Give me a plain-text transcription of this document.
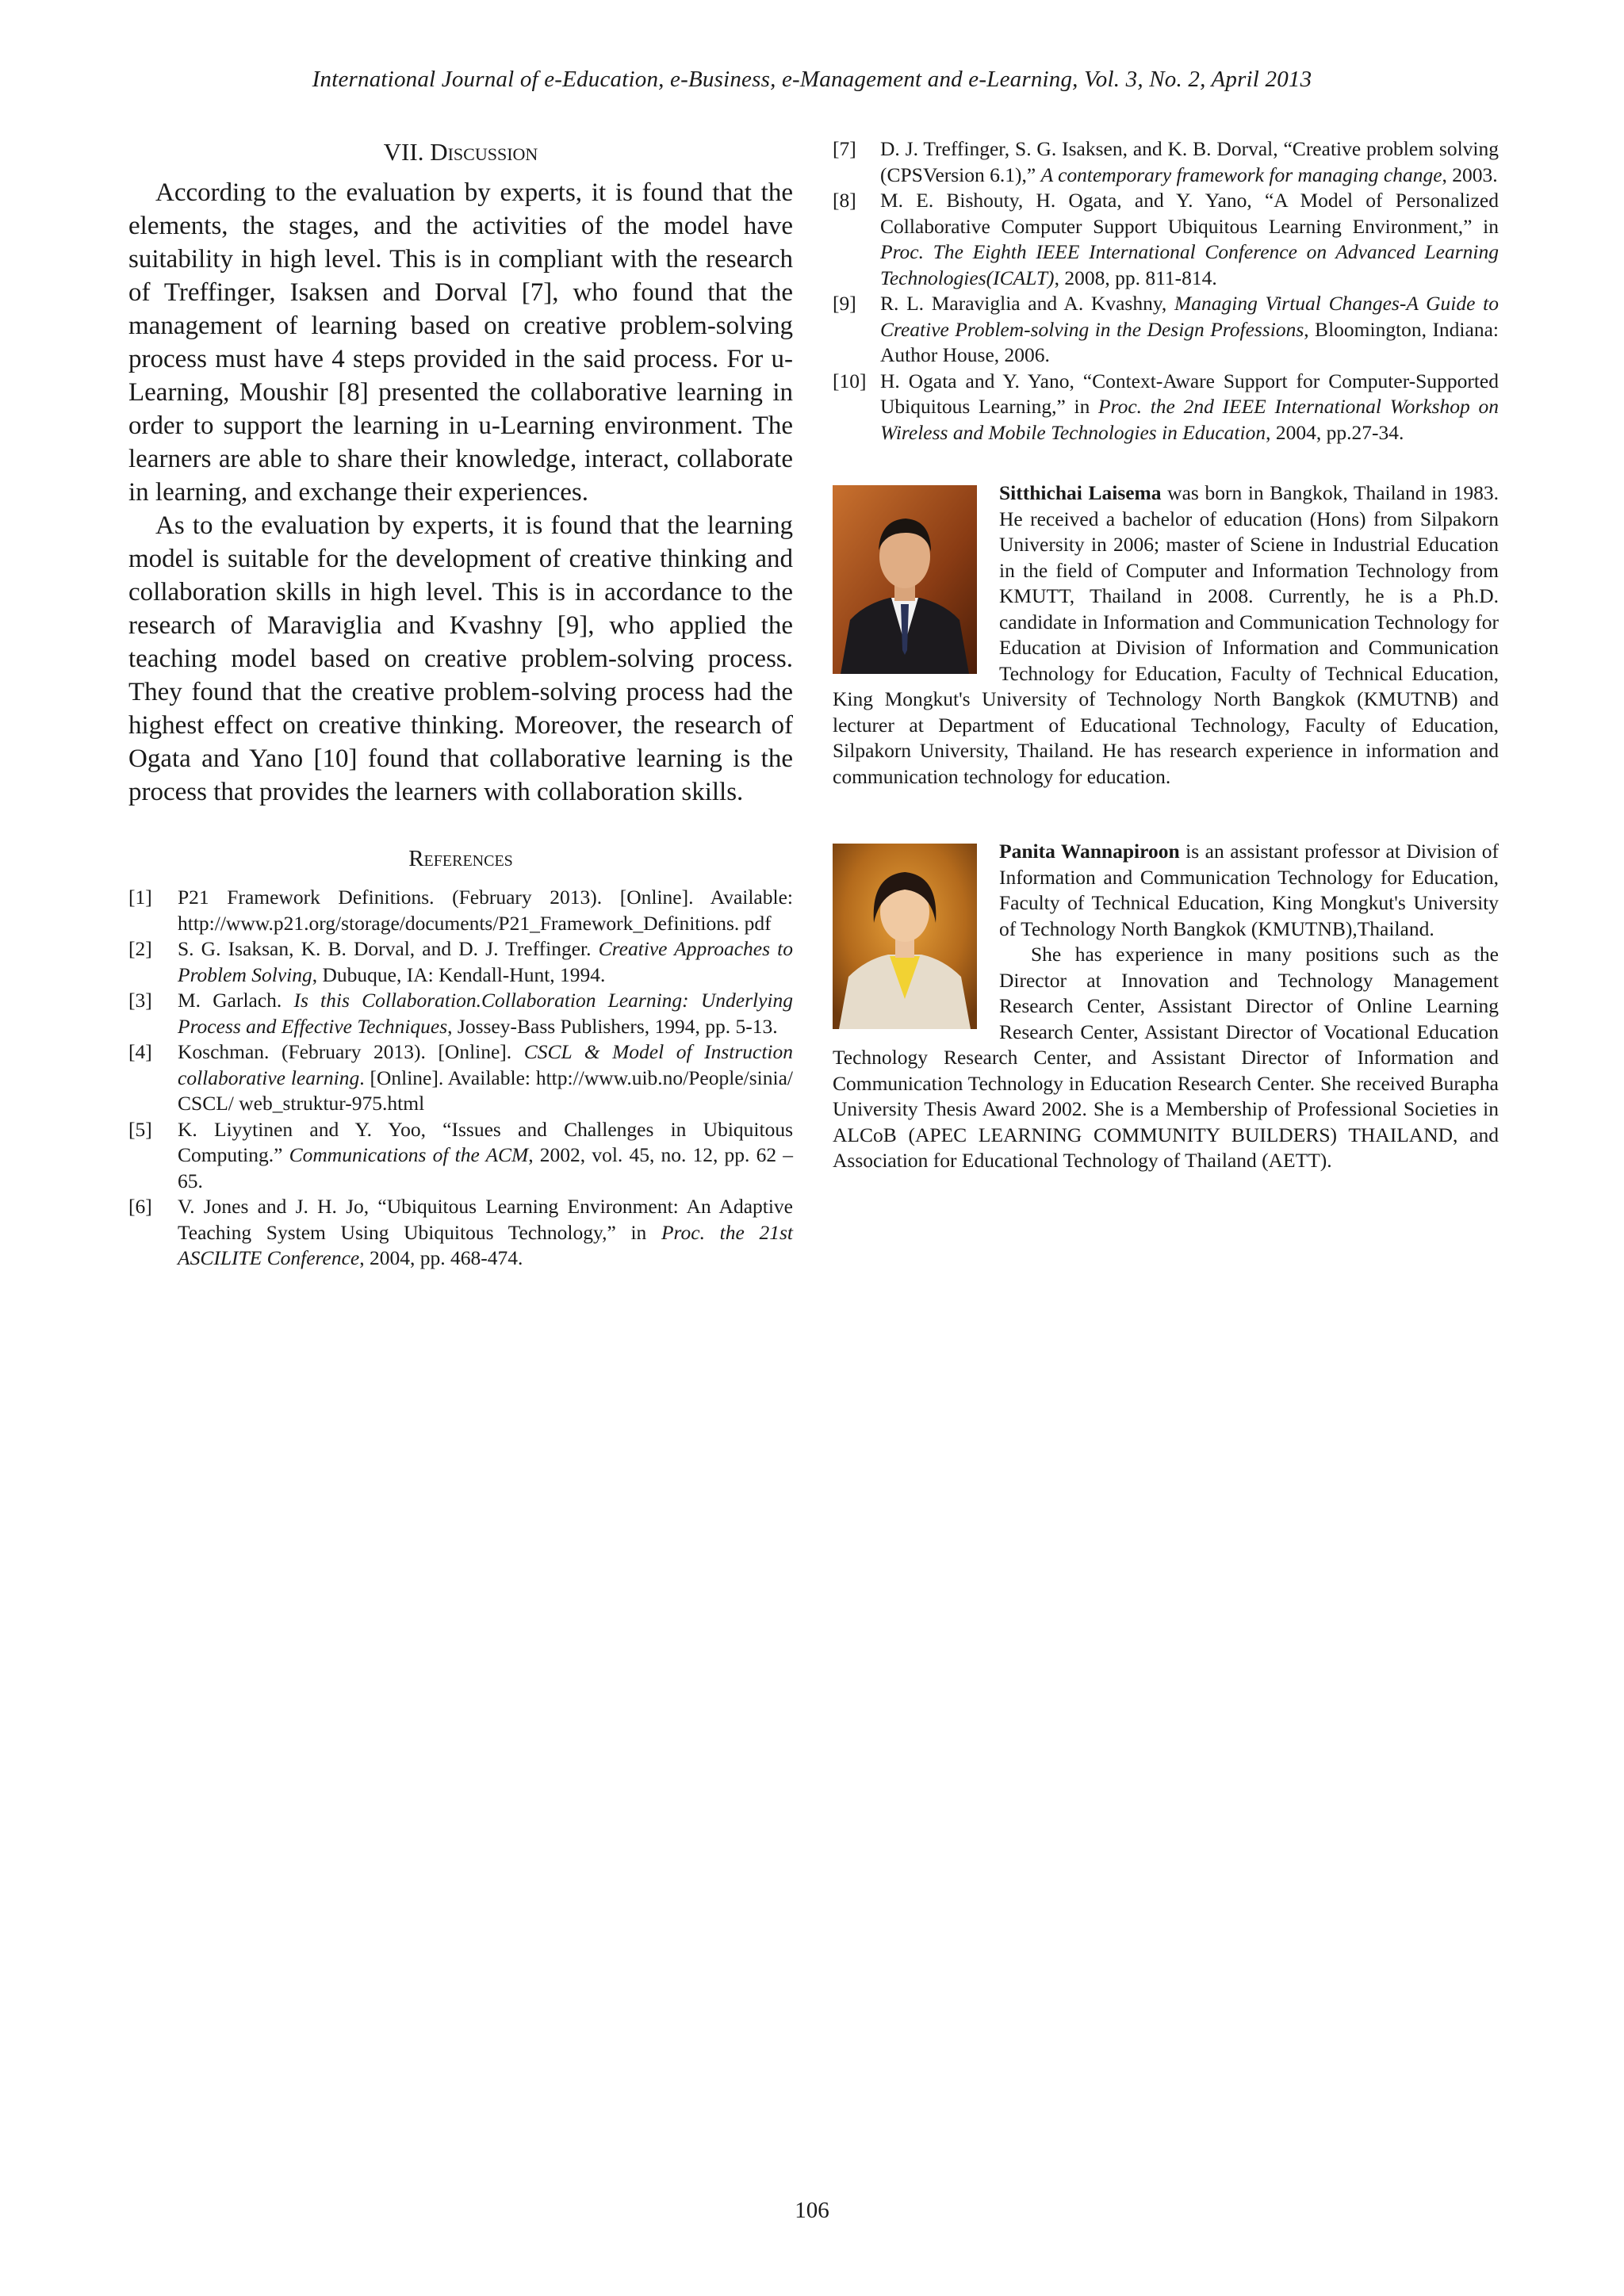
International Journal of e-Education, e-Business, e-Management and e-Learning, Vol. 3, No. 2, April 2013
VII. Discussion

According to the evaluation by experts, it is found that the elements, the stages, and the activities of the model have suitability in high level. This is in compliant with the research of Treffinger, Isaksen and Dorval [7], who found that the management of learning based on creative problem-solving process must have 4 steps provided in the said process. For u-Learning, Moushir [8] presented the collaborative learning in order to support the learning in u-Learning environment. The learners are able to share their knowledge, interact, collaborate in learning, and exchange their experiences.

As to the evaluation by experts, it is found that the learning model is suitable for the development of creative thinking and collaboration skills in high level. This is in accordance to the research of Maraviglia and Kvashny [9], who applied the teaching model based on creative problem-solving process. They found that the creative problem-solving process had the highest effect on creative thinking. Moreover, the research of Ogata and Yano [10] found that collaborative learning is the process that provides the learners with collaboration skills.

References
[1]	P21 Framework Definitions. (February 2013). [Online]. Available: http://www.p21.org/storage/documents/P21_Framework_Definitions. pdf
[2]	S. G. Isaksan, K. B. Dorval, and D. J. Treffinger. Creative Approaches to Problem Solving, Dubuque, IA: Kendall-Hunt, 1994.
[3]	M. Garlach. Is this Collaboration.Collaboration Learning: Underlying Process and Effective Techniques, Jossey-Bass Publishers, 1994, pp. 5-13.
[4]	Koschman. (February 2013). [Online]. CSCL & Model of Instruction collaborative learning. [Online]. Available: http://www.uib.no/People/sinia/ CSCL/ web_struktur-975.html
[5]	K. Liyytinen and Y. Yoo, “Issues and Challenges in Ubiquitous Computing.” Communications of the ACM, 2002, vol. 45, no. 12, pp. 62 – 65.
[6]	V. Jones and J. H. Jo, “Ubiquitous Learning Environment: An Adaptive Teaching System Using Ubiquitous Technology,” in Proc. the 21st ASCILITE Conference, 2004, pp. 468-474.
[7]	D. J. Treffinger, S. G. Isaksen, and K. B. Dorval, “Creative problem solving (CPSVersion 6.1),” A contemporary framework for managing change, 2003.
[8]	M. E. Bishouty, H. Ogata, and Y. Yano, “A Model of Personalized Collaborative Computer Support Ubiquitous Learning Environment,” in Proc. The Eighth IEEE International Conference on Advanced Learning Technologies(ICALT), 2008, pp. 811-814.
[9]	R. L. Maraviglia and A. Kvashny, Managing Virtual Changes-A Guide to Creative Problem-solving in the Design Professions, Bloomington, Indiana: Author House, 2006.
[10] H. Ogata and Y. Yano, “Context-Aware Support for Computer-Supported Ubiquitous Learning,” in Proc. the 2nd IEEE International Workshop on Wireless and Mobile Technologies in Education, 2004, pp.27-34.

Sitthichai Laisema was born in Bangkok, Thailand in 1983. He received a bachelor of education (Hons) from Silpakorn University in 2006; master of Sciene in Industrial Education in the field of Computer and Information Technology from KMUTT, Thailand in 2008. Currently, he is a Ph.D. candidate in Information and Communication Technology for Education at Division of Information and Communication Technology for Education, Faculty of Technical Education, King Mongkut's University of Technology North Bangkok (KMUTNB) and lecturer at Department of Educational Technology, Faculty of Education, Silpakorn University, Thailand. He has research experience in information and communication technology for education.

Panita Wannapiroon is an assistant professor at Division of Information and Communication Technology for Education, Faculty of Technical Education, King Mongkut's University of Technology North Bangkok (KMUTNB),Thailand.

She has experience in many positions such as the Director at Innovation and Technology Management Research Center, Assistant Director of Online Learning Research Center, Assistant Director of Vocational Education Technology Research Center, and Assistant Director of Information and Communication Technology in Education Research Center. She received Burapha University Thesis Award 2002. She is a Membership of Professional Societies in ALCoB (APEC LEARNING COMMUNITY BUILDERS) THAILAND, and Association for Educational Technology of Thailand (AETT).

106
